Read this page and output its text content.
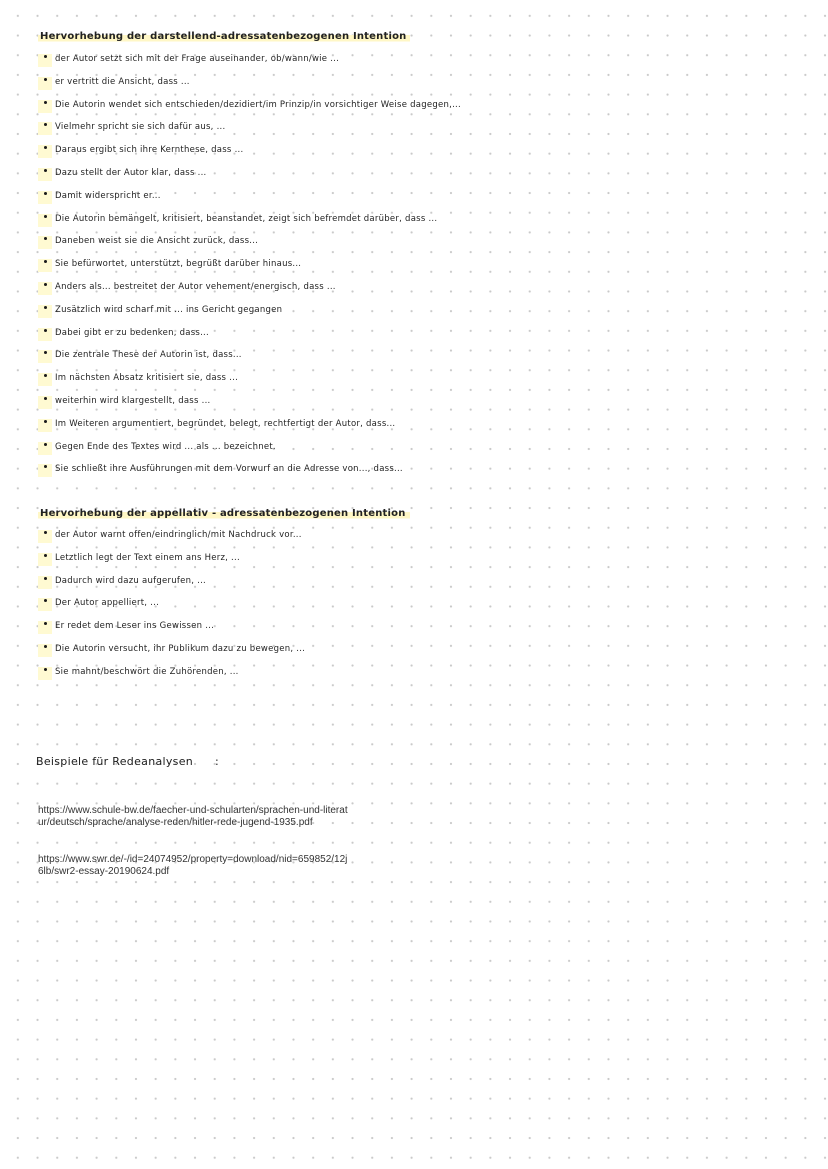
Hervorhebung der darstellend-adressatenbezogenen Intention
der Autor setzt sich mit der Frage auseinander, ob/wann/wie ...
er vertritt die Ansicht, dass ...
Die Autorin wendet sich entschieden/dezidiert/im Prinzip/in vorsichtiger Weise dagegen,...
Vielmehr spricht sie sich dafür aus, ...
Daraus ergibt sich ihre Kernthese, dass ...
Dazu stellt der Autor klar, dass ...
Damit widerspricht er...
Die Autorin bemängelt, kritisiert, beanstandet, zeigt sich befremdet darüber, dass ...
Daneben weist sie die Ansicht zurück, dass...
Sie befürwortet, unterstützt, begrüßt darüber hinaus...
Anders als... bestreitet der Autor vehement/energisch, dass ...
Zusätzlich wird scharf mit ... ins Gericht gegangen
Dabei gibt er zu bedenken, dass...
Die zentrale These der Autorin ist, dass...
Im nächsten Absatz kritisiert sie, dass ...
weiterhin wird klargestellt, dass ...
Im Weiteren argumentiert, begründet, belegt, rechtfertigt der Autor, dass...
Gegen Ende des Textes wird ... als ... bezeichnet.
Sie schließt ihre Ausführungen mit dem Vorwurf an die Adresse von..., dass...
Hervorhebung der appellativ - adressatenbezogenen Intention
der Autor warnt offen/eindringlich/mit Nachdruck vor...
Letztlich legt der Text einem ans Herz, ...
Dadurch wird dazu aufgerufen, ...
Der Autor appelliert, ...
Er redet dem Leser ins Gewissen ...
Die Autorin versucht, ihr Publikum dazu zu bewegen, ...
Sie mahnt/beschwört die Zuhörenden, ...
Beispiele für Redeanalysen :
https://www.schule-bw.de/faecher-und-schularten/sprachen-und-literatur/deutsch/sprache/analyse-reden/hitler-rede-jugend-1935.pdf
https://www.swr.de/-/id=24074952/property=download/nid=659852/12j6lb/swr2-essay-20190624.pdf
